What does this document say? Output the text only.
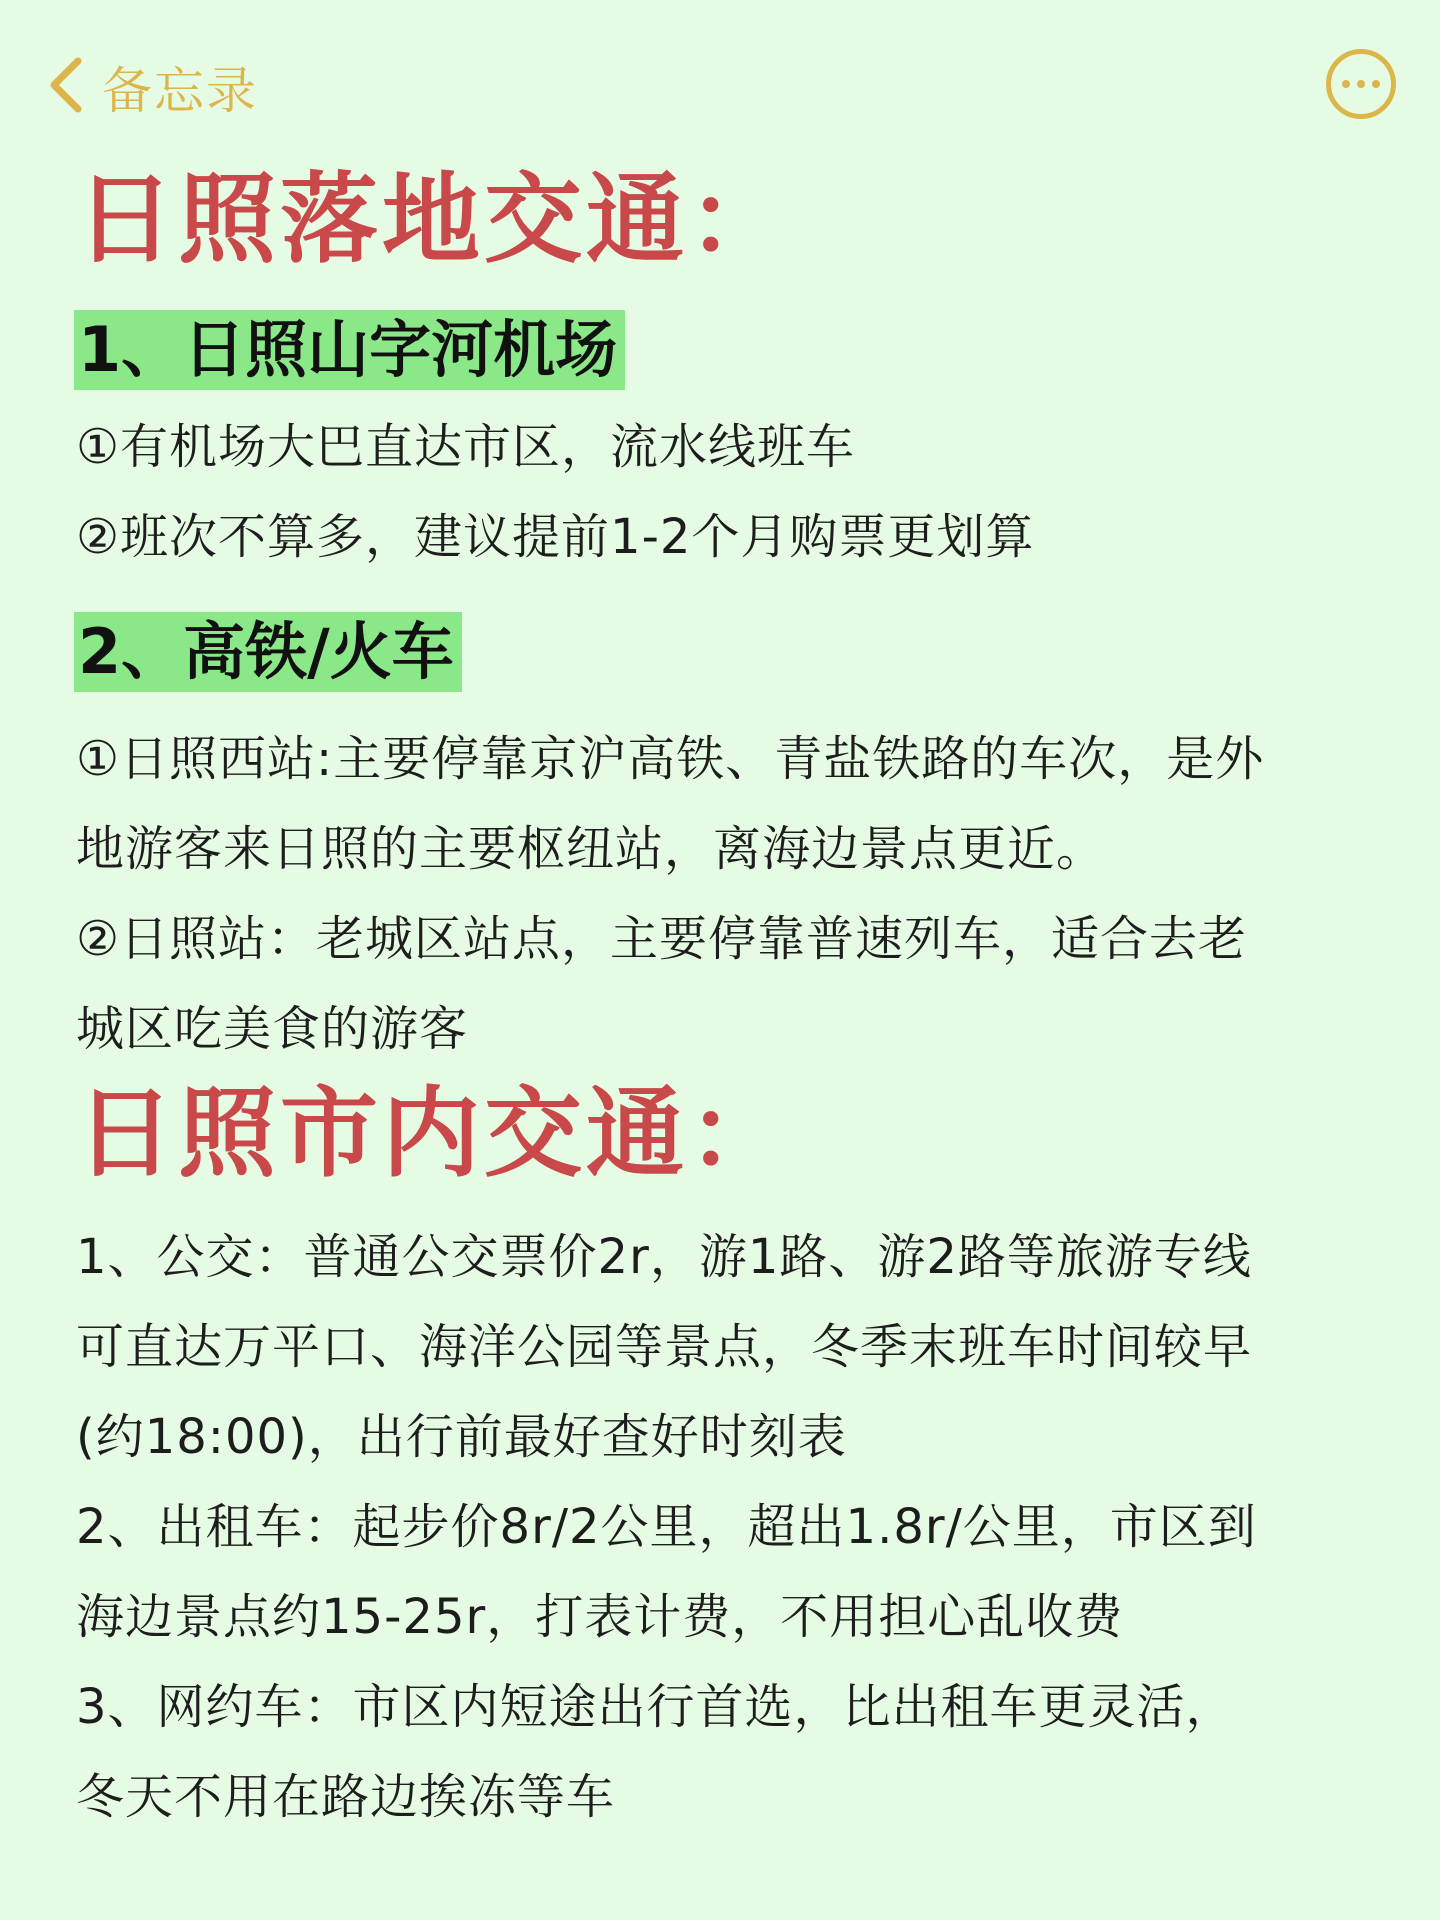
备忘录
日照落地交通：
1、日照山字河机场
①有机场大巴直达市区，流水线班车
②班次不算多，建议提前1-2个月购票更划算
2、高铁/火车
①日照西站:主要停靠京沪高铁、青盐铁路的车次，是外
地游客来日照的主要枢纽站，离海边景点更近。
②日照站：老城区站点，主要停靠普速列车，适合去老
城区吃美食的游客
日照市内交通：
1、公交：普通公交票价2r，游1路、游2路等旅游专线
可直达万平口、海洋公园等景点，冬季末班车时间较早
(约18:00)，出行前最好查好时刻表
2、出租车：起步价8r/2公里，超出1.8r/公里，市区到
海边景点约15-25r，打表计费，不用担心乱收费
3、网约车：市区内短途出行首选，比出租车更灵活，
冬天不用在路边挨冻等车
